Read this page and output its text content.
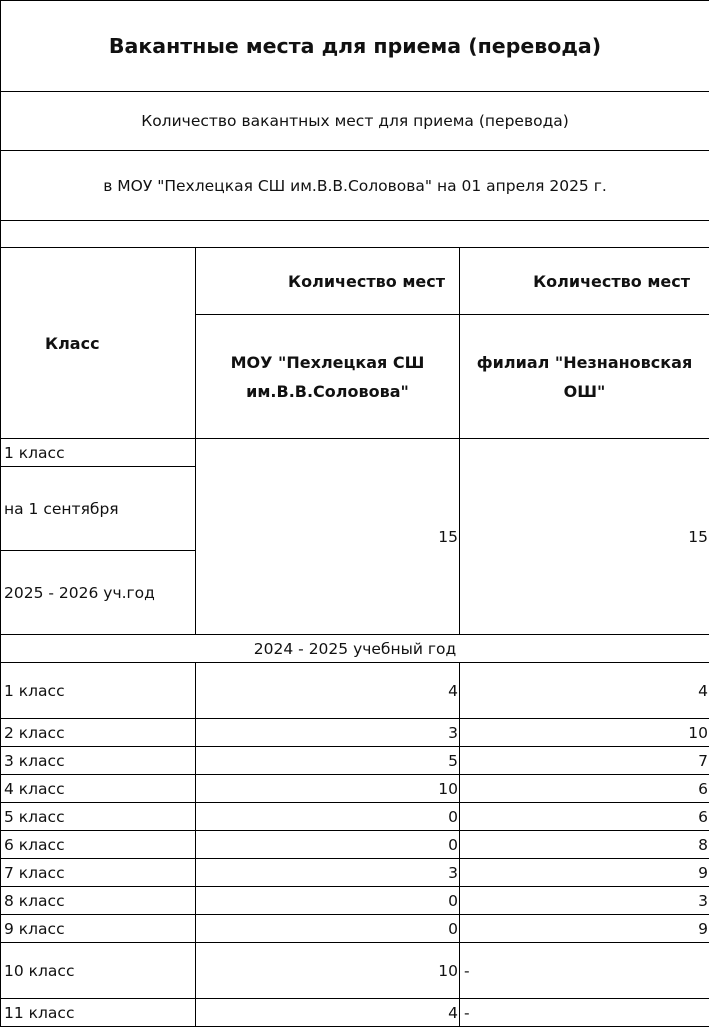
Вакантные места для приема (перевода)		
Количество вакантных мест для приема (перевода)		
в МОУ "Пехлецкая СШ им.В.В.Соловова" на 01 апреля 2025 г.		

Класс	Количество мест	Количество мест
	МОУ "Пехлецкая СШ им.В.В.Соловова"	филиал "Незнановская ОШ"
1 класс	15	15
на 1 сентября		
2025 - 2026 уч.год		
2024 - 2025 учебный год		
1 класс	4	4
2 класс	3	10
3 класс	5	7
4 класс	10	6
5 класс	0	6
6 класс	0	8
7 класс	3	9
8 класс	0	3
9 класс	0	9
10 класс	10	-
11 класс	4	-
